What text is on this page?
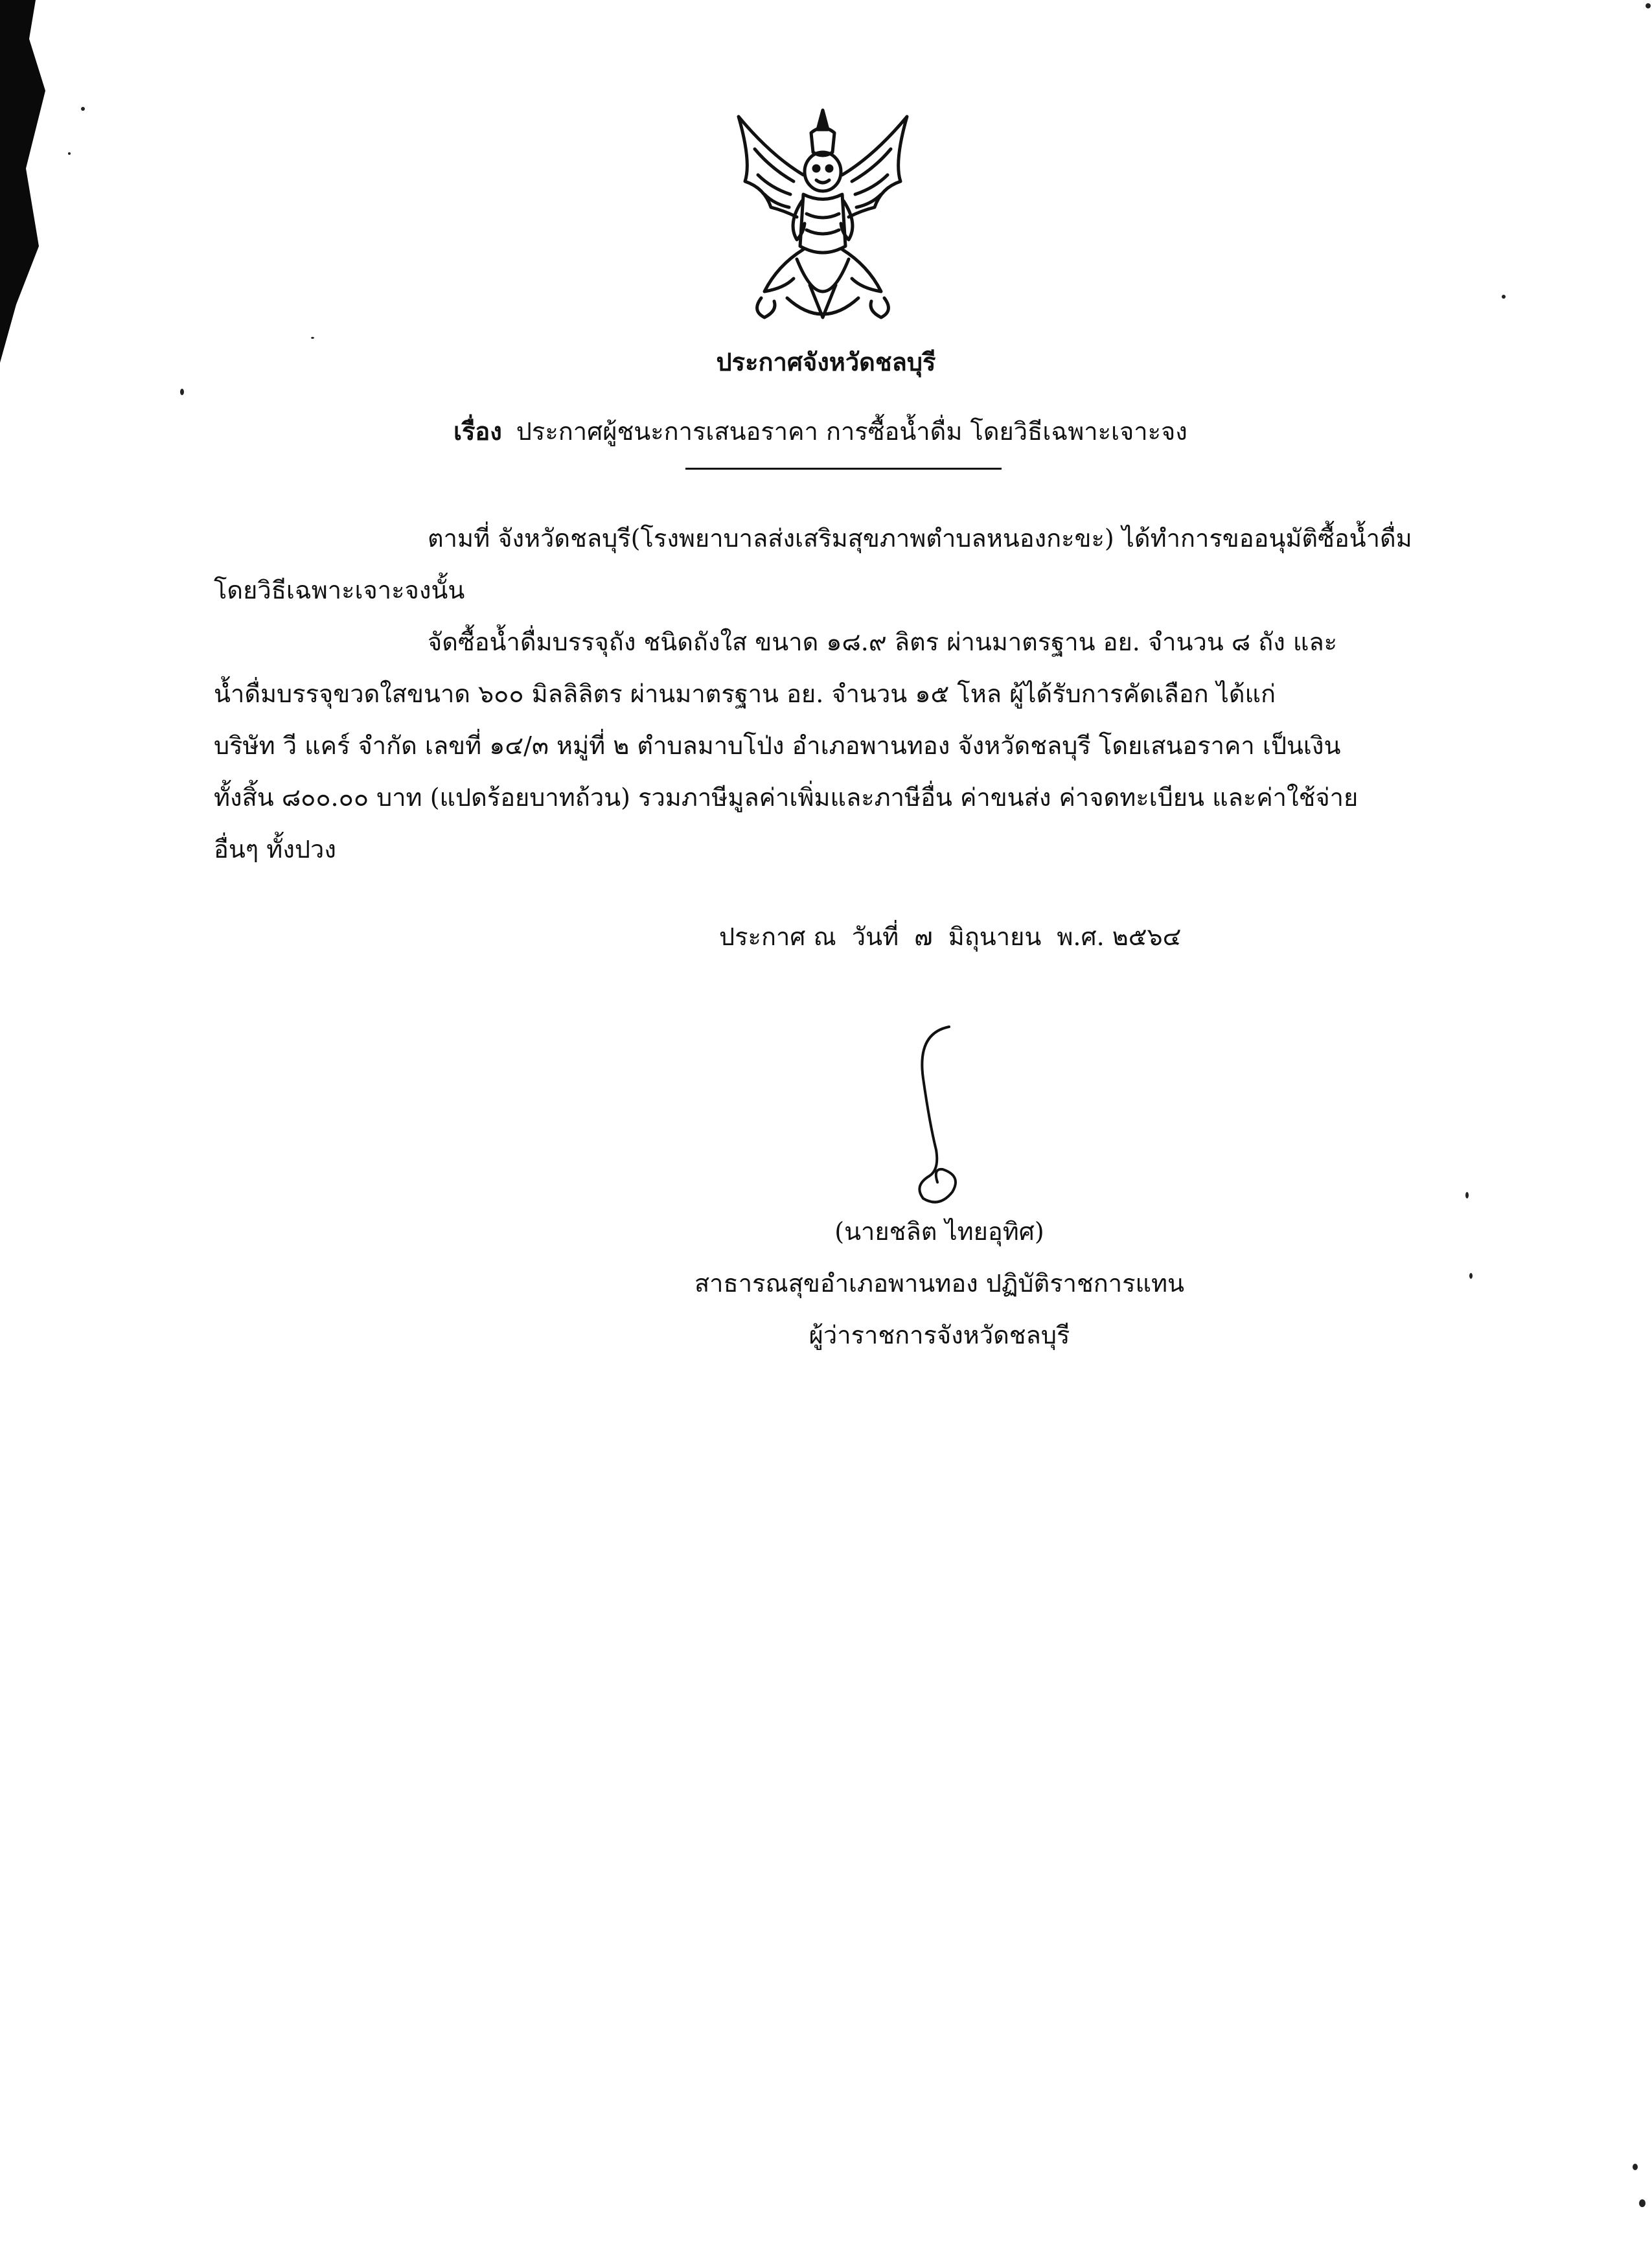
ประกาศจังหวัดชลบุรี
เรื่อง ประกาศผู้ชนะการเสนอราคา การซื้อน้ำดื่ม โดยวิธีเฉพาะเจาะจง
ตามที่ จังหวัดชลบุรี(โรงพยาบาลส่งเสริมสุขภาพตำบลหนองกะขะ) ได้ทำการขออนุมัติซื้อน้ำดื่ม
โดยวิธีเฉพาะเจาะจงนั้น
จัดซื้อน้ำดื่มบรรจุถัง ชนิดถังใส ขนาด ๑๘.๙ ลิตร ผ่านมาตรฐาน อย. จำนวน ๘ ถัง และ
น้ำดื่มบรรจุขวดใสขนาด ๖๐๐ มิลลิลิตร ผ่านมาตรฐาน อย. จำนวน ๑๕ โหล ผู้ได้รับการคัดเลือก ได้แก่
บริษัท วี แคร์ จำกัด เลขที่ ๑๔/๓ หมู่ที่ ๒ ตำบลมาบโป่ง อำเภอพานทอง จังหวัดชลบุรี โดยเสนอราคา เป็นเงิน
ทั้งสิ้น ๘๐๐.๐๐ บาท (แปดร้อยบาทถ้วน) รวมภาษีมูลค่าเพิ่มและภาษีอื่น ค่าขนส่ง ค่าจดทะเบียน และค่าใช้จ่าย
อื่นๆ ทั้งปวง
ประกาศ ณ วันที่ ๗ มิถุนายน พ.ศ. ๒๕๖๔
(นายชลิต ไทยอุทิศ)
สาธารณสุขอำเภอพานทอง ปฏิบัติราชการแทน
ผู้ว่าราชการจังหวัดชลบุรี
